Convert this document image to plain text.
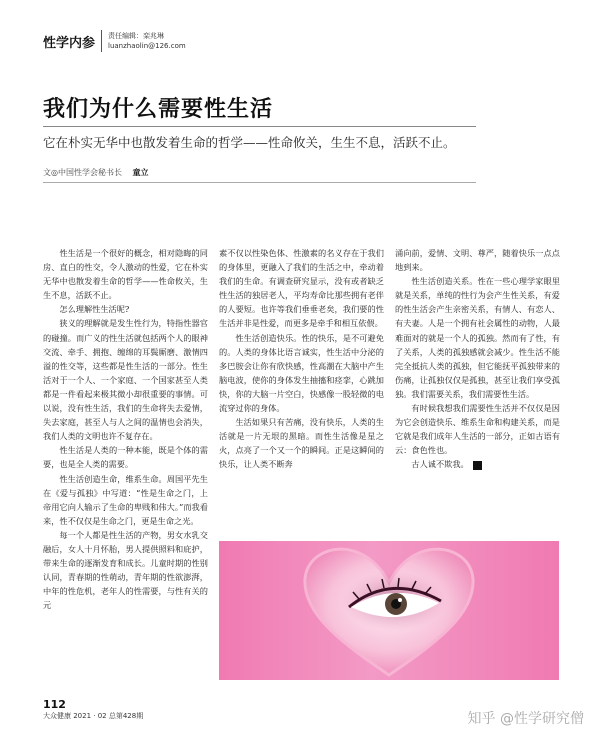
性学内参 责任编辑：栾兆琳
luanzhaolin@126.com
我们为什么需要性生活
它在朴实无华中也散发着生命的哲学——性命攸关，生生不息，活跃不止。
文◎中国性学会秘书长 童立

性生活是一个很好的概念，相对隐晦的同房、直白的性交，令人激动的性爱，它在朴实无华中也散发着生命的哲学——性命攸关，生生不息，活跃不止。

怎么理解性生活呢?

狭义的理解就是发生性行为，特指性器官的碰撞。而广义的性生活就包括两个人的眼神交流、牵手、拥抱、缠绵的耳鬓厮磨、激情四溢的性交等，这些都是性生活的一部分。性生活对于一个人、一个家庭、一个国家甚至人类都是一件看起来极其微小却很重要的事情。可以说，没有性生活，我们的生命将失去爱情，失去家庭，甚至人与人之间的温情也会消失，我们人类的文明也许不复存在。

性生活是人类的一种本能，既是个体的需要，也是全人类的需要。

性生活创造生命，维系生命。周国平先生在《爱与孤独》中写道：“性是生命之门，上帝用它向人输示了生命的卑贱和伟大。”而我看来，性不仅仅是生命之门，更是生命之光。

每一个人都是性生活的产物，男女水乳交融后，女人十月怀胎，男人提供照料和庇护，带来生命的逐渐发育和成长。儿童时期的性别认同，青春期的性萌动，青年期的性欲澎湃，中年的性危机，老年人的性需要，与性有关的元

素不仅以性染色体、性激素的名义存在于我们的身体里，更融入了我们的生活之中，牵动着我们的生命。有调查研究显示，没有或者缺乏性生活的独居老人，平均寿命比那些拥有老伴的人要短。也许等我们垂垂老矣，我们要的性生活并非是性爱，而更多是牵手和相互依偎。

性生活创造快乐。性的快乐，是不可避免的。人类的身体比语言诚实，性生活中分泌的多巴胺会让你有欣快感，性高潮在大脑中产生脑电波，使你的身体发生抽搐和痉挛，心跳加快，你的大脑一片空白，快感像一股轻微的电流穿过你的身体。

生活如果只有苦痛，没有快乐，人类的生活就是一片无垠的黑暗。而性生活像是星之火，点亮了一个又一个的瞬间。正是这瞬间的快乐，让人类不断奔

涌向前，爱情、文明、尊严，随着快乐一点点地到来。

性生活创造关系。性在一些心理学家眼里就是关系，单纯的性行为会产生性关系，有爱的性生活会产生亲密关系，有情人、有恋人、有夫妻。人是一个拥有社会属性的动物，人最难面对的就是一个人的孤独。然而有了性，有了关系，人类的孤独感就会减少。性生活不能完全抵抗人类的孤独，但它能抚平孤独带来的伤痛，让孤独仅仅是孤独，甚至让我们享受孤独。我们需要关系，我们需要性生活。

有时候我想我们需要性生活并不仅仅是因为它会创造快乐、维系生命和构建关系，而是它就是我们成年人生活的一部分，正如古语有云：食色性也。

古人诚不欺我。

112
大众健康 2021 · 02 总第428期	知乎 @性学研究僧
